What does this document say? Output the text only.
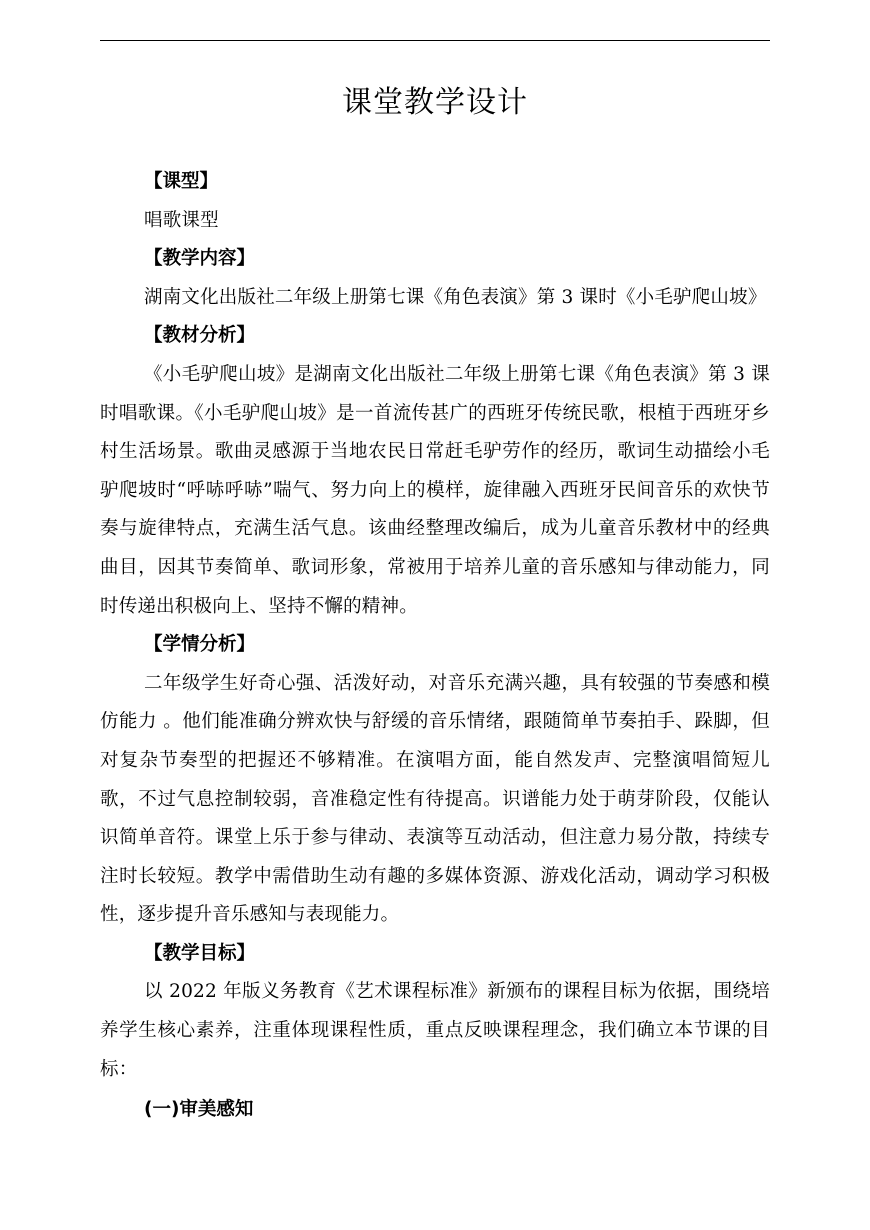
课堂教学设计
【课型】

唱歌课型

【教学内容】

湖南文化出版社二年级上册第七课《角色表演》第 3 课时《小毛驴爬山坡》

【教材分析】

《小毛驴爬山坡》是湖南文化出版社二年级上册第七课《角色表演》第 3 课时唱歌课。《小毛驴爬山坡》是一首流传甚广的西班牙传统民歌，根植于西班牙乡村生活场景。歌曲灵感源于当地农民日常赶毛驴劳作的经历，歌词生动描绘小毛驴爬坡时“呼哧呼哧”喘气、努力向上的模样，旋律融入西班牙民间音乐的欢快节奏与旋律特点，充满生活气息。该曲经整理改编后，成为儿童音乐教材中的经典曲目，因其节奏简单、歌词形象，常被用于培养儿童的音乐感知与律动能力，同时传递出积极向上、坚持不懈的精神。

【学情分析】

二年级学生好奇心强、活泼好动，对音乐充满兴趣，具有较强的节奏感和模仿能力 。他们能准确分辨欢快与舒缓的音乐情绪，跟随简单节奏拍手、跺脚，但对复杂节奏型的把握还不够精准。在演唱方面，能自然发声、完整演唱简短儿歌，不过气息控制较弱，音准稳定性有待提高。识谱能力处于萌芽阶段，仅能认识简单音符。课堂上乐于参与律动、表演等互动活动，但注意力易分散，持续专注时长较短。教学中需借助生动有趣的多媒体资源、游戏化活动，调动学习积极性，逐步提升音乐感知与表现能力。

【教学目标】

以 2022 年版义务教育《艺术课程标准》新颁布的课程目标为依据，围绕培养学生核心素养，注重体现课程性质，重点反映课程理念，我们确立本节课的目标：

(一)审美感知
